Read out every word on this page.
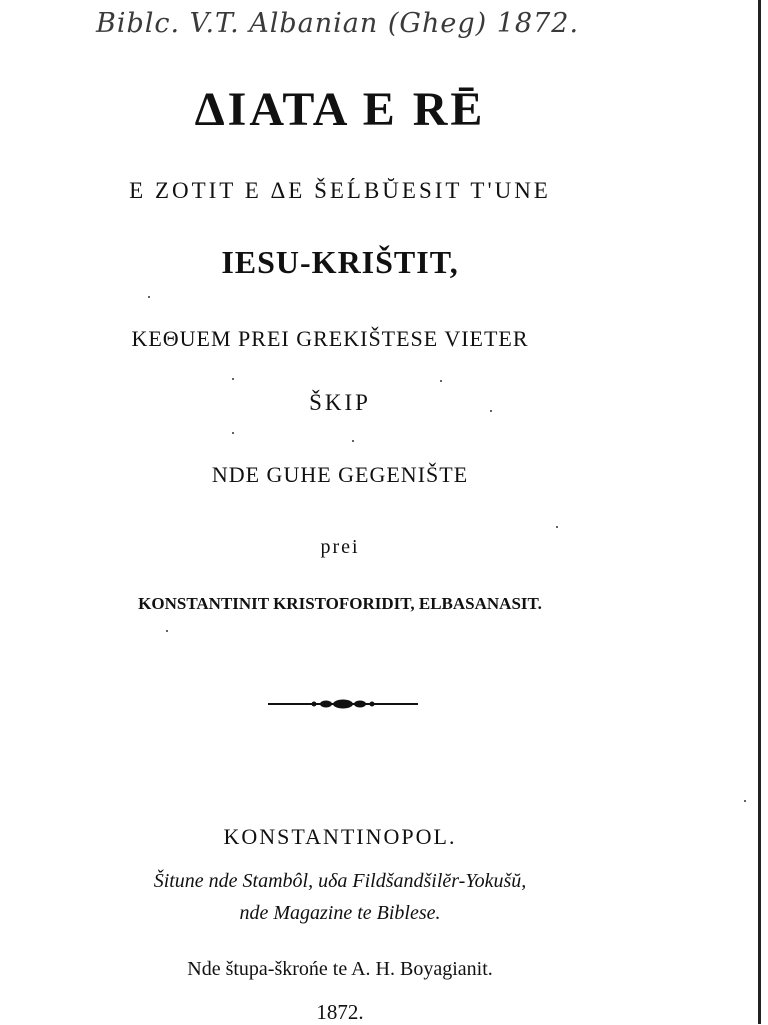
Biblc. V.T. Albanian (Gheg) 1872.
ΔΙΑΤΑ Ε RĒ
E ZOTIT E ΔE ŠEĹBŬESIT T'UNE
IESU-KRIŠTIT,
KEΘUEM PREI GREKIŠTESE VIETER
ŠKIP
NDE GUHE GEGENIŠTE
prei
KONSTANTINIT KRISTOFORIDIT, ELBASANASIT.
KONSTANTINOPOL.
Šitune nde Stambôl, uδa Fildšandšilĕr-Yokušŭ,
nde Magazine te Biblese.
Nde štupa-škrońe te A. H. Boyagianit.
1872.
